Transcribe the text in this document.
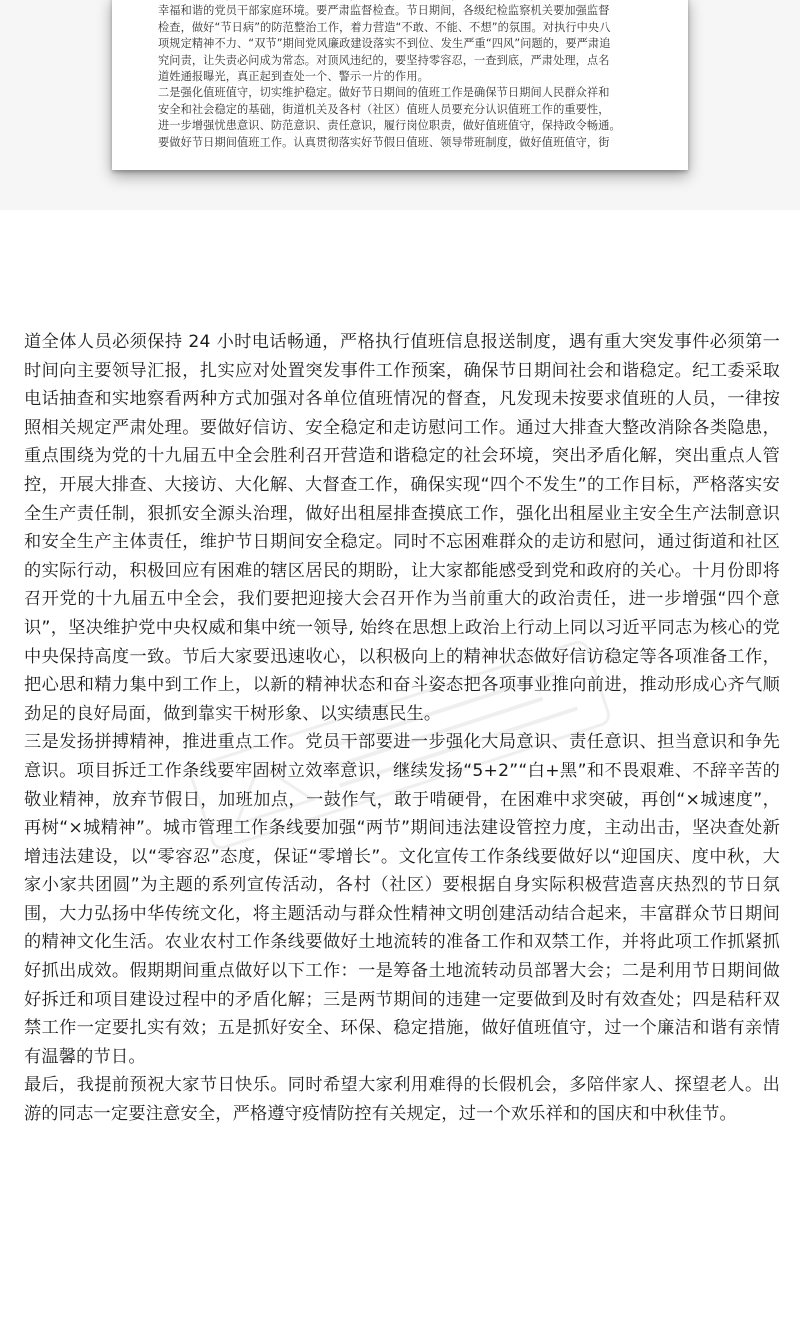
幸福和谐的党员干部家庭环境。要严肃监督检查。节日期间，各级纪检监察机关要加强监督

检查，做好“节日病”的防范整治工作，着力营造“不敢、不能、不想”的氛围。对执行中央八

项规定精神不力、“双节”期间党风廉政建设落实不到位、发生严重“四风”问题的，要严肃追

究问责，让失责必问成为常态。对顶风违纪的，要坚持零容忍，一查到底，严肃处理，点名

道姓通报曝光，真正起到查处一个、警示一片的作用。

二是强化值班值守，切实维护稳定。做好节日期间的值班工作是确保节日期间人民群众祥和

安全和社会稳定的基础，街道机关及各村（社区）值班人员要充分认识值班工作的重要性，

进一步增强忧患意识、防范意识、责任意识，履行岗位职责，做好值班值守，保持政令畅通。

要做好节日期间值班工作。认真贯彻落实好节假日值班、领导带班制度，做好值班值守，街

道全体人员必须保持 24 小时电话畅通，严格执行值班信息报送制度，遇有重大突发事件必须第一时间向主要领导汇报，扎实应对处置突发事件工作预案，确保节日期间社会和谐稳定。纪工委采取电话抽查和实地察看两种方式加强对各单位值班情况的督查，凡发现未按要求值班的人员，一律按照相关规定严肃处理。要做好信访、安全稳定和走访慰问工作。通过大排查大整改消除各类隐患，重点围绕为党的十九届五中全会胜利召开营造和谐稳定的社会环境，突出矛盾化解，突出重点人管控，开展大排查、大接访、大化解、大督查工作，确保实现“四个不发生”的工作目标，严格落实安全生产责任制，狠抓安全源头治理，做好出租屋排查摸底工作，强化出租屋业主安全生产法制意识和安全生产主体责任，维护节日期间安全稳定。同时不忘困难群众的走访和慰问，通过街道和社区的实际行动，积极回应有困难的辖区居民的期盼，让大家都能感受到党和政府的关心。十月份即将召开党的十九届五中全会，我们要把迎接大会召开作为当前重大的政治责任，进一步增强“四个意识”，坚决维护党中央权威和集中统一领导, 始终在思想上政治上行动上同以习近平同志为核心的党中央保持高度一致。节后大家要迅速收心，以积极向上的精神状态做好信访稳定等各项准备工作，把心思和精力集中到工作上，以新的精神状态和奋斗姿态把各项事业推向前进，推动形成心齐气顺劲足的良好局面，做到靠实干树形象、以实绩惠民生。

三是发扬拼搏精神，推进重点工作。党员干部要进一步强化大局意识、责任意识、担当意识和争先意识。项目拆迁工作条线要牢固树立效率意识，继续发扬“5+2”“白+黑”和不畏艰难、不辞辛苦的敬业精神，放弃节假日，加班加点，一鼓作气，敢于啃硬骨，在困难中求突破，再创“×城速度”，再树“×城精神”。城市管理工作条线要加强“两节”期间违法建设管控力度，主动出击，坚决查处新增违法建设，以“零容忍”态度，保证“零增长”。文化宣传工作条线要做好以“迎国庆、度中秋，大家小家共团圆”为主题的系列宣传活动，各村（社区）要根据自身实际积极营造喜庆热烈的节日氛围，大力弘扬中华传统文化，将主题活动与群众性精神文明创建活动结合起来，丰富群众节日期间的精神文化生活。农业农村工作条线要做好土地流转的准备工作和双禁工作，并将此项工作抓紧抓好抓出成效。假期期间重点做好以下工作：一是筹备土地流转动员部署大会；二是利用节日期间做好拆迁和项目建设过程中的矛盾化解；三是两节期间的违建一定要做到及时有效查处；四是秸秆双禁工作一定要扎实有效；五是抓好安全、环保、稳定措施，做好值班值守，过一个廉洁和谐有亲情有温馨的节日。

最后，我提前预祝大家节日快乐。同时希望大家利用难得的长假机会，多陪伴家人、探望老人。出游的同志一定要注意安全，严格遵守疫情防控有关规定，过一个欢乐祥和的国庆和中秋佳节。
